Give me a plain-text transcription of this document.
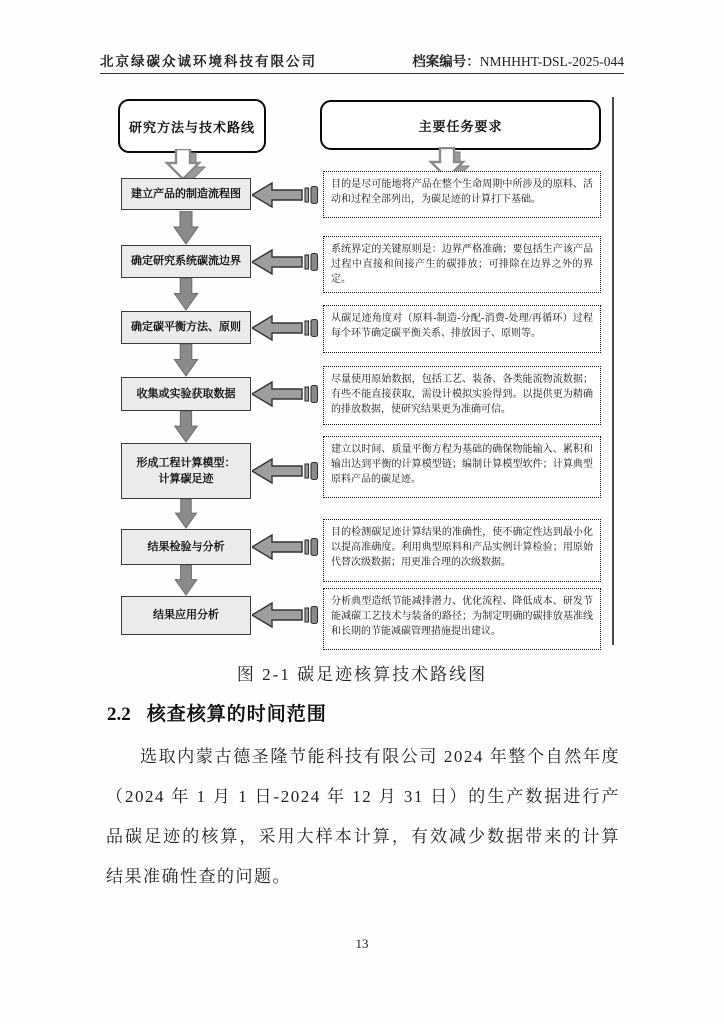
北京绿碳众诚环境科技有限公司	档案编号：NMHHHT-DSL-2025-044
研究方法与技术路线	主要任务要求
建立产品的制造流程图
确定研究系统碳流边界
确定碳平衡方法、原则
收集或实验获取数据
形成工程计算模型：
计算碳足迹
结果检验与分析
结果应用分析
目的是尽可能地将产品在整个生命周期中所涉及的原料、活动和过程全部列出，为碳足迹的计算打下基础。
系统界定的关键原则是：边界严格准确；要包括生产该产品过程中直接和间接产生的碳排放；可排除在边界之外的界定。
从碳足迹角度对（原料-制造-分配-消费-处理/再循环）过程每个环节确定碳平衡关系、排放因子、原则等。
尽量使用原始数据，包括工艺、装备、各类能流物流数据；有些不能直接获取，需设计模拟实验得到。以提供更为精确的排放数据，使研究结果更为准确可信。
建立以时间、质量平衡方程为基础的确保物能输入、累积和输出达到平衡的计算模型链；编制计算模型软件；计算典型原料产品的碳足迹。
目的检测碳足迹计算结果的准确性，使不确定性达到最小化以提高准确度。利用典型原料和产品实例计算检验；用原始代替次级数据；用更准合理的次级数据。
分析典型造纸节能减排潜力、优化流程、降低成本、研发节能减碳工艺技术与装备的路径；为制定明确的碳排放基准线和长期的节能减碳管理措施提出建议。
图 2-1 碳足迹核算技术路线图
2.2 核查核算的时间范围
选取内蒙古德圣隆节能科技有限公司 2024 年整个自然年度（2024 年 1 月 1 日-2024 年 12 月 31 日）的生产数据进行产品碳足迹的核算，采用大样本计算，有效减少数据带来的计算结果准确性查的问题。
13
